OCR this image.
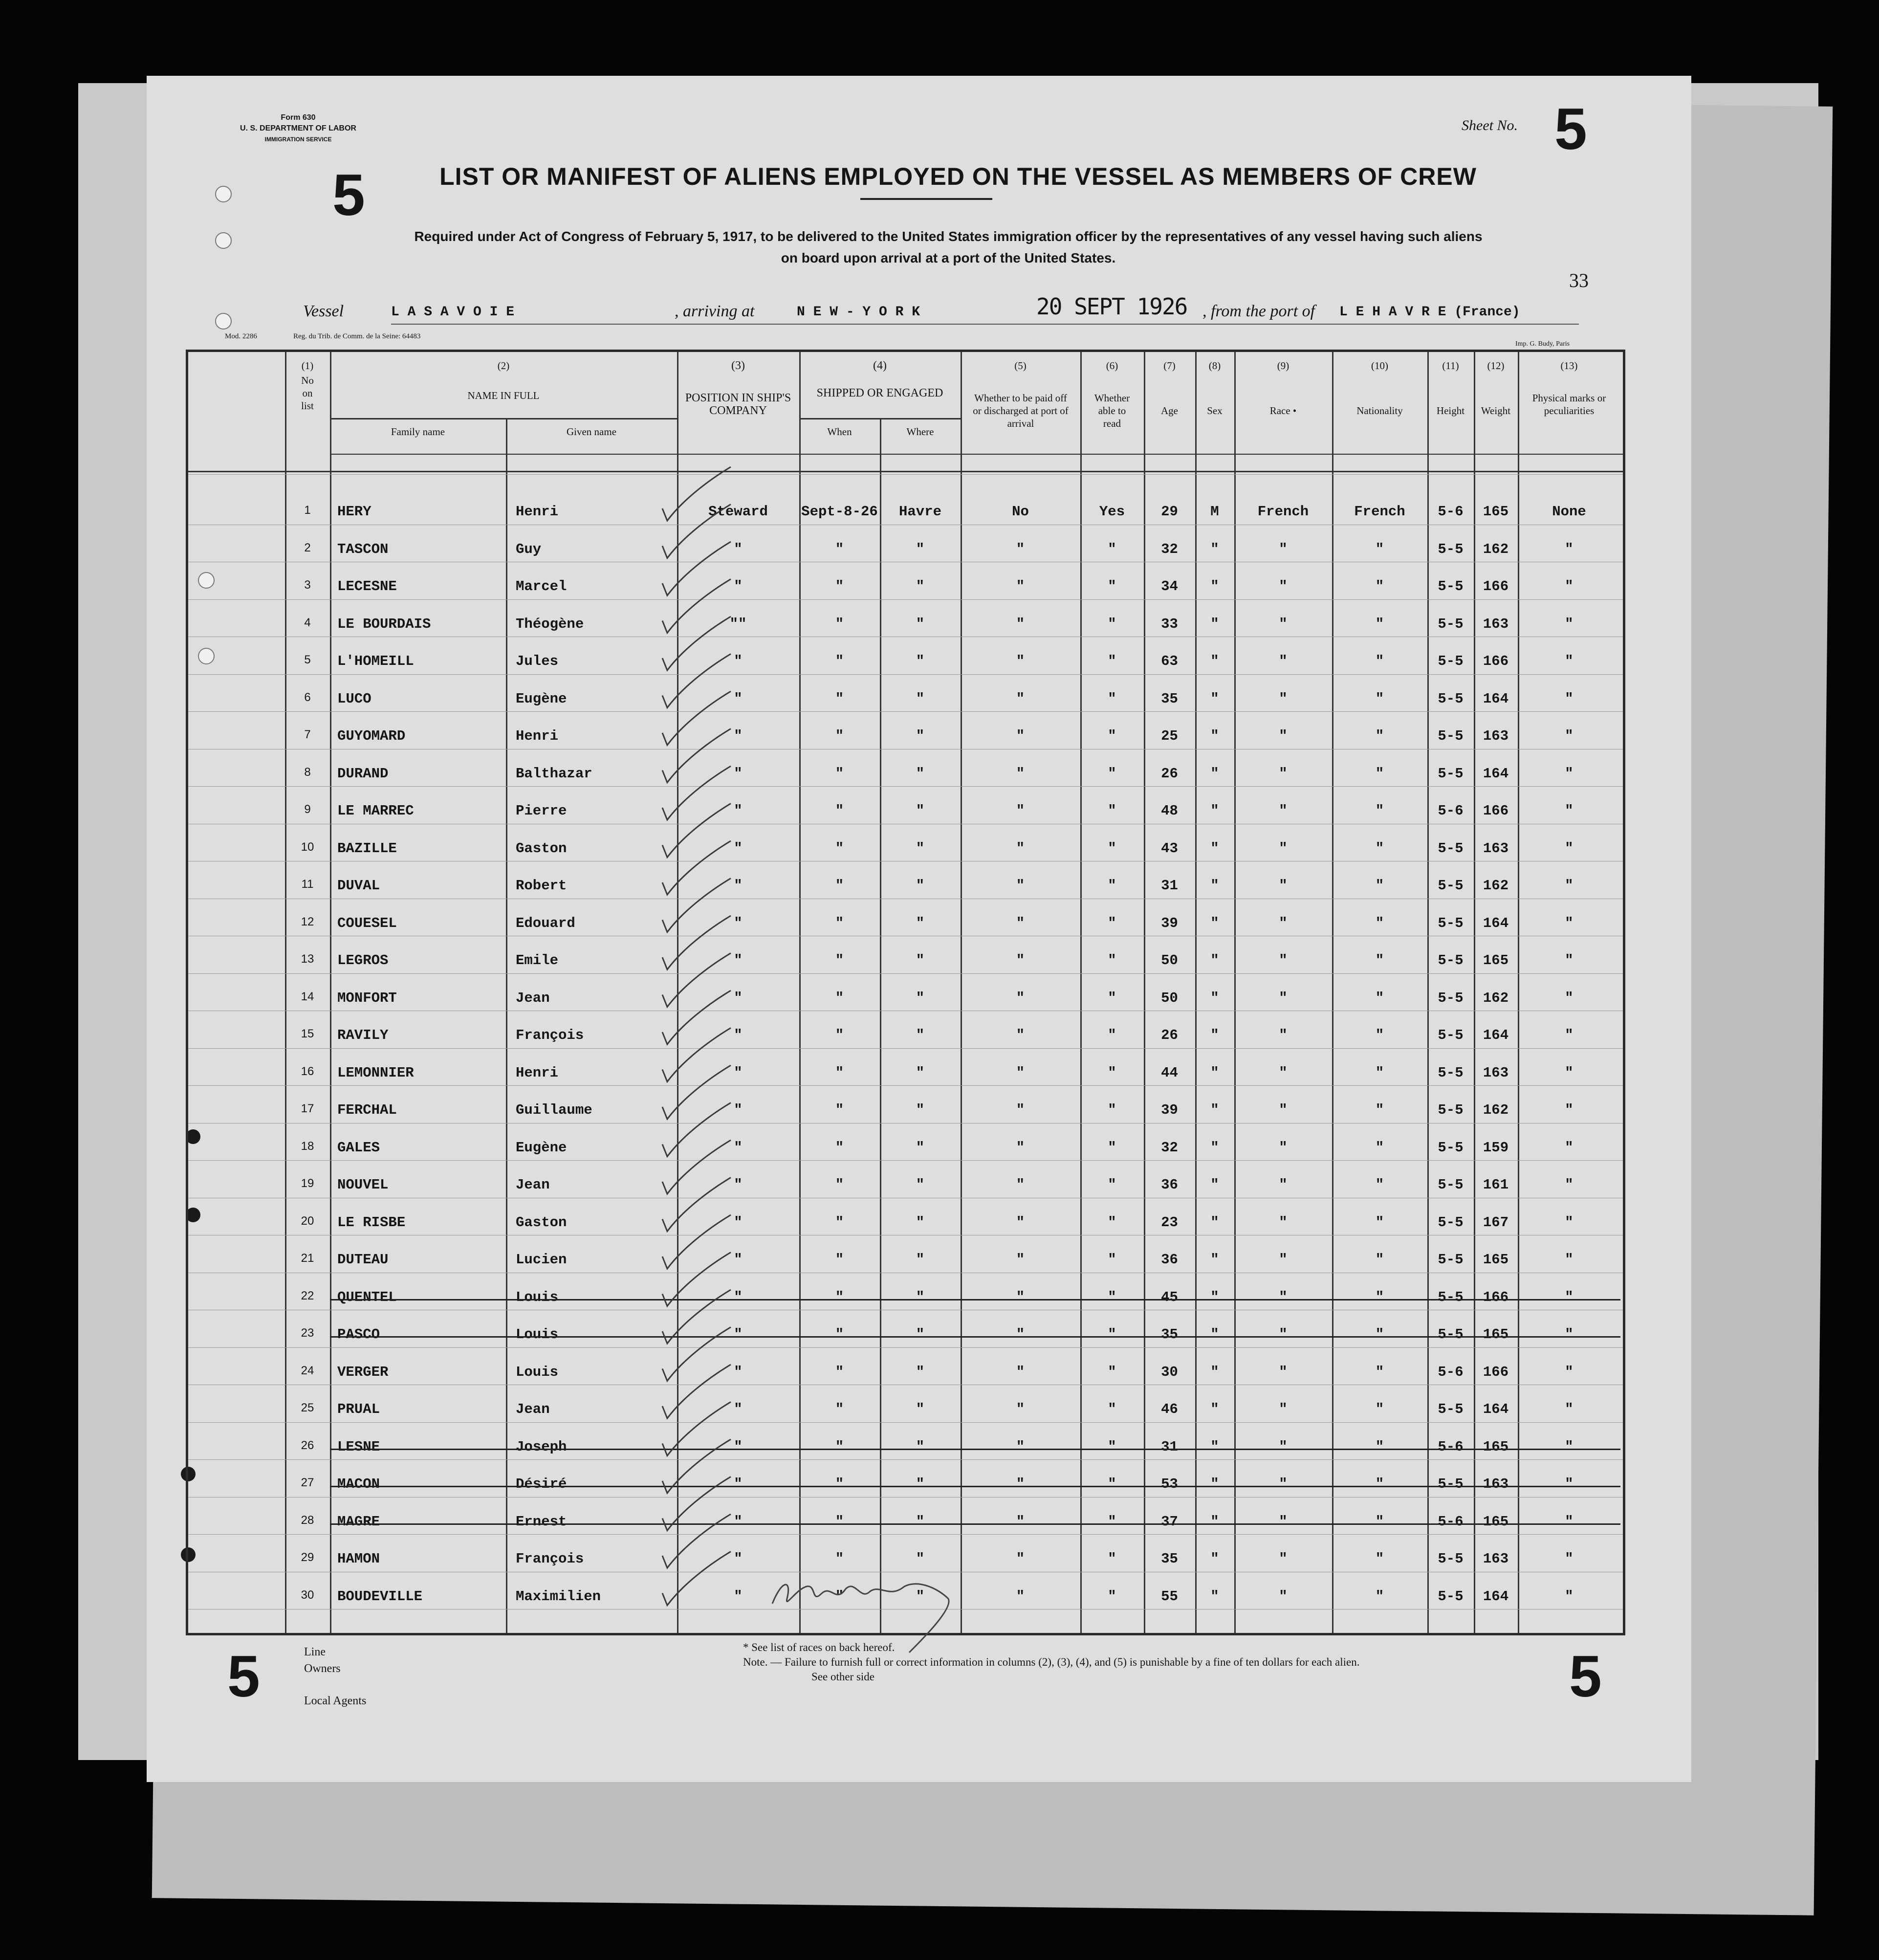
Form 630
U. S. DEPARTMENT OF LABOR
IMMIGRATION SERVICE
Sheet No. 5
5	LIST OR MANIFEST OF ALIENS EMPLOYED ON THE VESSEL AS MEMBERS OF CREW
Required under Act of Congress of February 5, 1917, to be delivered to the United States immigration officer by the representatives of any vessel having such aliens
on board upon arrival at a port of the United States.
33
Vessel	L A S A V O I E	, arriving at	N E W - Y O R K	20 SEPT 1926 , from the port of L E H A V R E (France)
Mod. 2286	Reg. du Trib. de Comm. de la Seine: 64483
Imp. G. Budy, Paris
(1)
No on list
(2)
NAME IN FULL
Family name	Given name
(3)
POSITION IN SHIP'S COMPANY
(4)
SHIPPED OR ENGAGED
When	Where
(5)
Whether to be paid off or discharged at port of arrival
(6)
Whether able to read
(7)
Age
(8)
Sex
(9)
Race •
(10)
Nationality
(11)
Height
(12)
Weight
(13)
Physical marks or peculiarities
1	HERY	Henri	Steward	Sept-8-26	Havre	No	Yes	29	M	French	French	5-6	165	None
2	TASCON	Guy	"	"	"	"	"	32	"	"	"	5-5	162	"
3	LECESNE	Marcel	"	"	"	"	"	34	"	"	"	5-5	166	"
4	LE BOURDAIS	Théogène	""	"	"	"	"	33	"	"	"	5-5	163	"
5	L'HOMEILL	Jules	"	"	"	"	"	63	"	"	"	5-5	166	"
6	LUCO	Eugène	"	"	"	"	"	35	"	"	"	5-5	164	"
7	GUYOMARD	Henri	"	"	"	"	"	25	"	"	"	5-5	163	"
8	DURAND	Balthazar	"	"	"	"	"	26	"	"	"	5-5	164	"
9	LE MARREC	Pierre	"	"	"	"	"	48	"	"	"	5-6	166	"
10	BAZILLE	Gaston	"	"	"	"	"	43	"	"	"	5-5	163	"
11	DUVAL	Robert	"	"	"	"	"	31	"	"	"	5-5	162	"
12	COUESEL	Edouard	"	"	"	"	"	39	"	"	"	5-5	164	"
13	LEGROS	Emile	"	"	"	"	"	50	"	"	"	5-5	165	"
14	MONFORT	Jean	"	"	"	"	"	50	"	"	"	5-5	162	"
15	RAVILY	François	"	"	"	"	"	26	"	"	"	5-5	164	"
16	LEMONNIER	Henri	"	"	"	"	"	44	"	"	"	5-5	163	"
17	FERCHAL	Guillaume	"	"	"	"	"	39	"	"	"	5-5	162	"
18	GALES	Eugène	"	"	"	"	"	32	"	"	"	5-5	159	"
19	NOUVEL	Jean	"	"	"	"	"	36	"	"	"	5-5	161	"
20	LE RISBE	Gaston	"	"	"	"	"	23	"	"	"	5-5	167	"
21	DUTEAU	Lucien	"	"	"	"	"	36	"	"	"	5-5	165	"
22	QUENTEL	Louis	"	"	"	"	"	45	"	"	"	5-5	166	"
23	PASCO	Louis	"	"	"	"	"	35	"	"	"	5-5	165	"
24	VERGER	Louis	"	"	"	"	"	30	"	"	"	5-6	166	"
25	PRUAL	Jean	"	"	"	"	"	46	"	"	"	5-5	164	"
26	LESNE	Joseph	"	"	"	"	"	31	"	"	"	5-6	165	"
27	MACON	Désiré	"	"	"	"	"	53	"	"	"	5-5	163	"
28	MAGRE	Ernest	"	"	"	"	"	37	"	"	"	5-6	165	"
29	HAMON	François	"	"	"	"	"	35	"	"	"	5-5	163	"
30	BOUDEVILLE	Maximilien	"	"	"	"	"	55	"	"	"	5-5	164	"
5	5
Line
Owners
Local Agents
* See list of races on back hereof.
Note. — Failure to furnish full or correct information in columns (2), (3), (4), and (5) is punishable by a fine of ten dollars for each alien.
See other side
